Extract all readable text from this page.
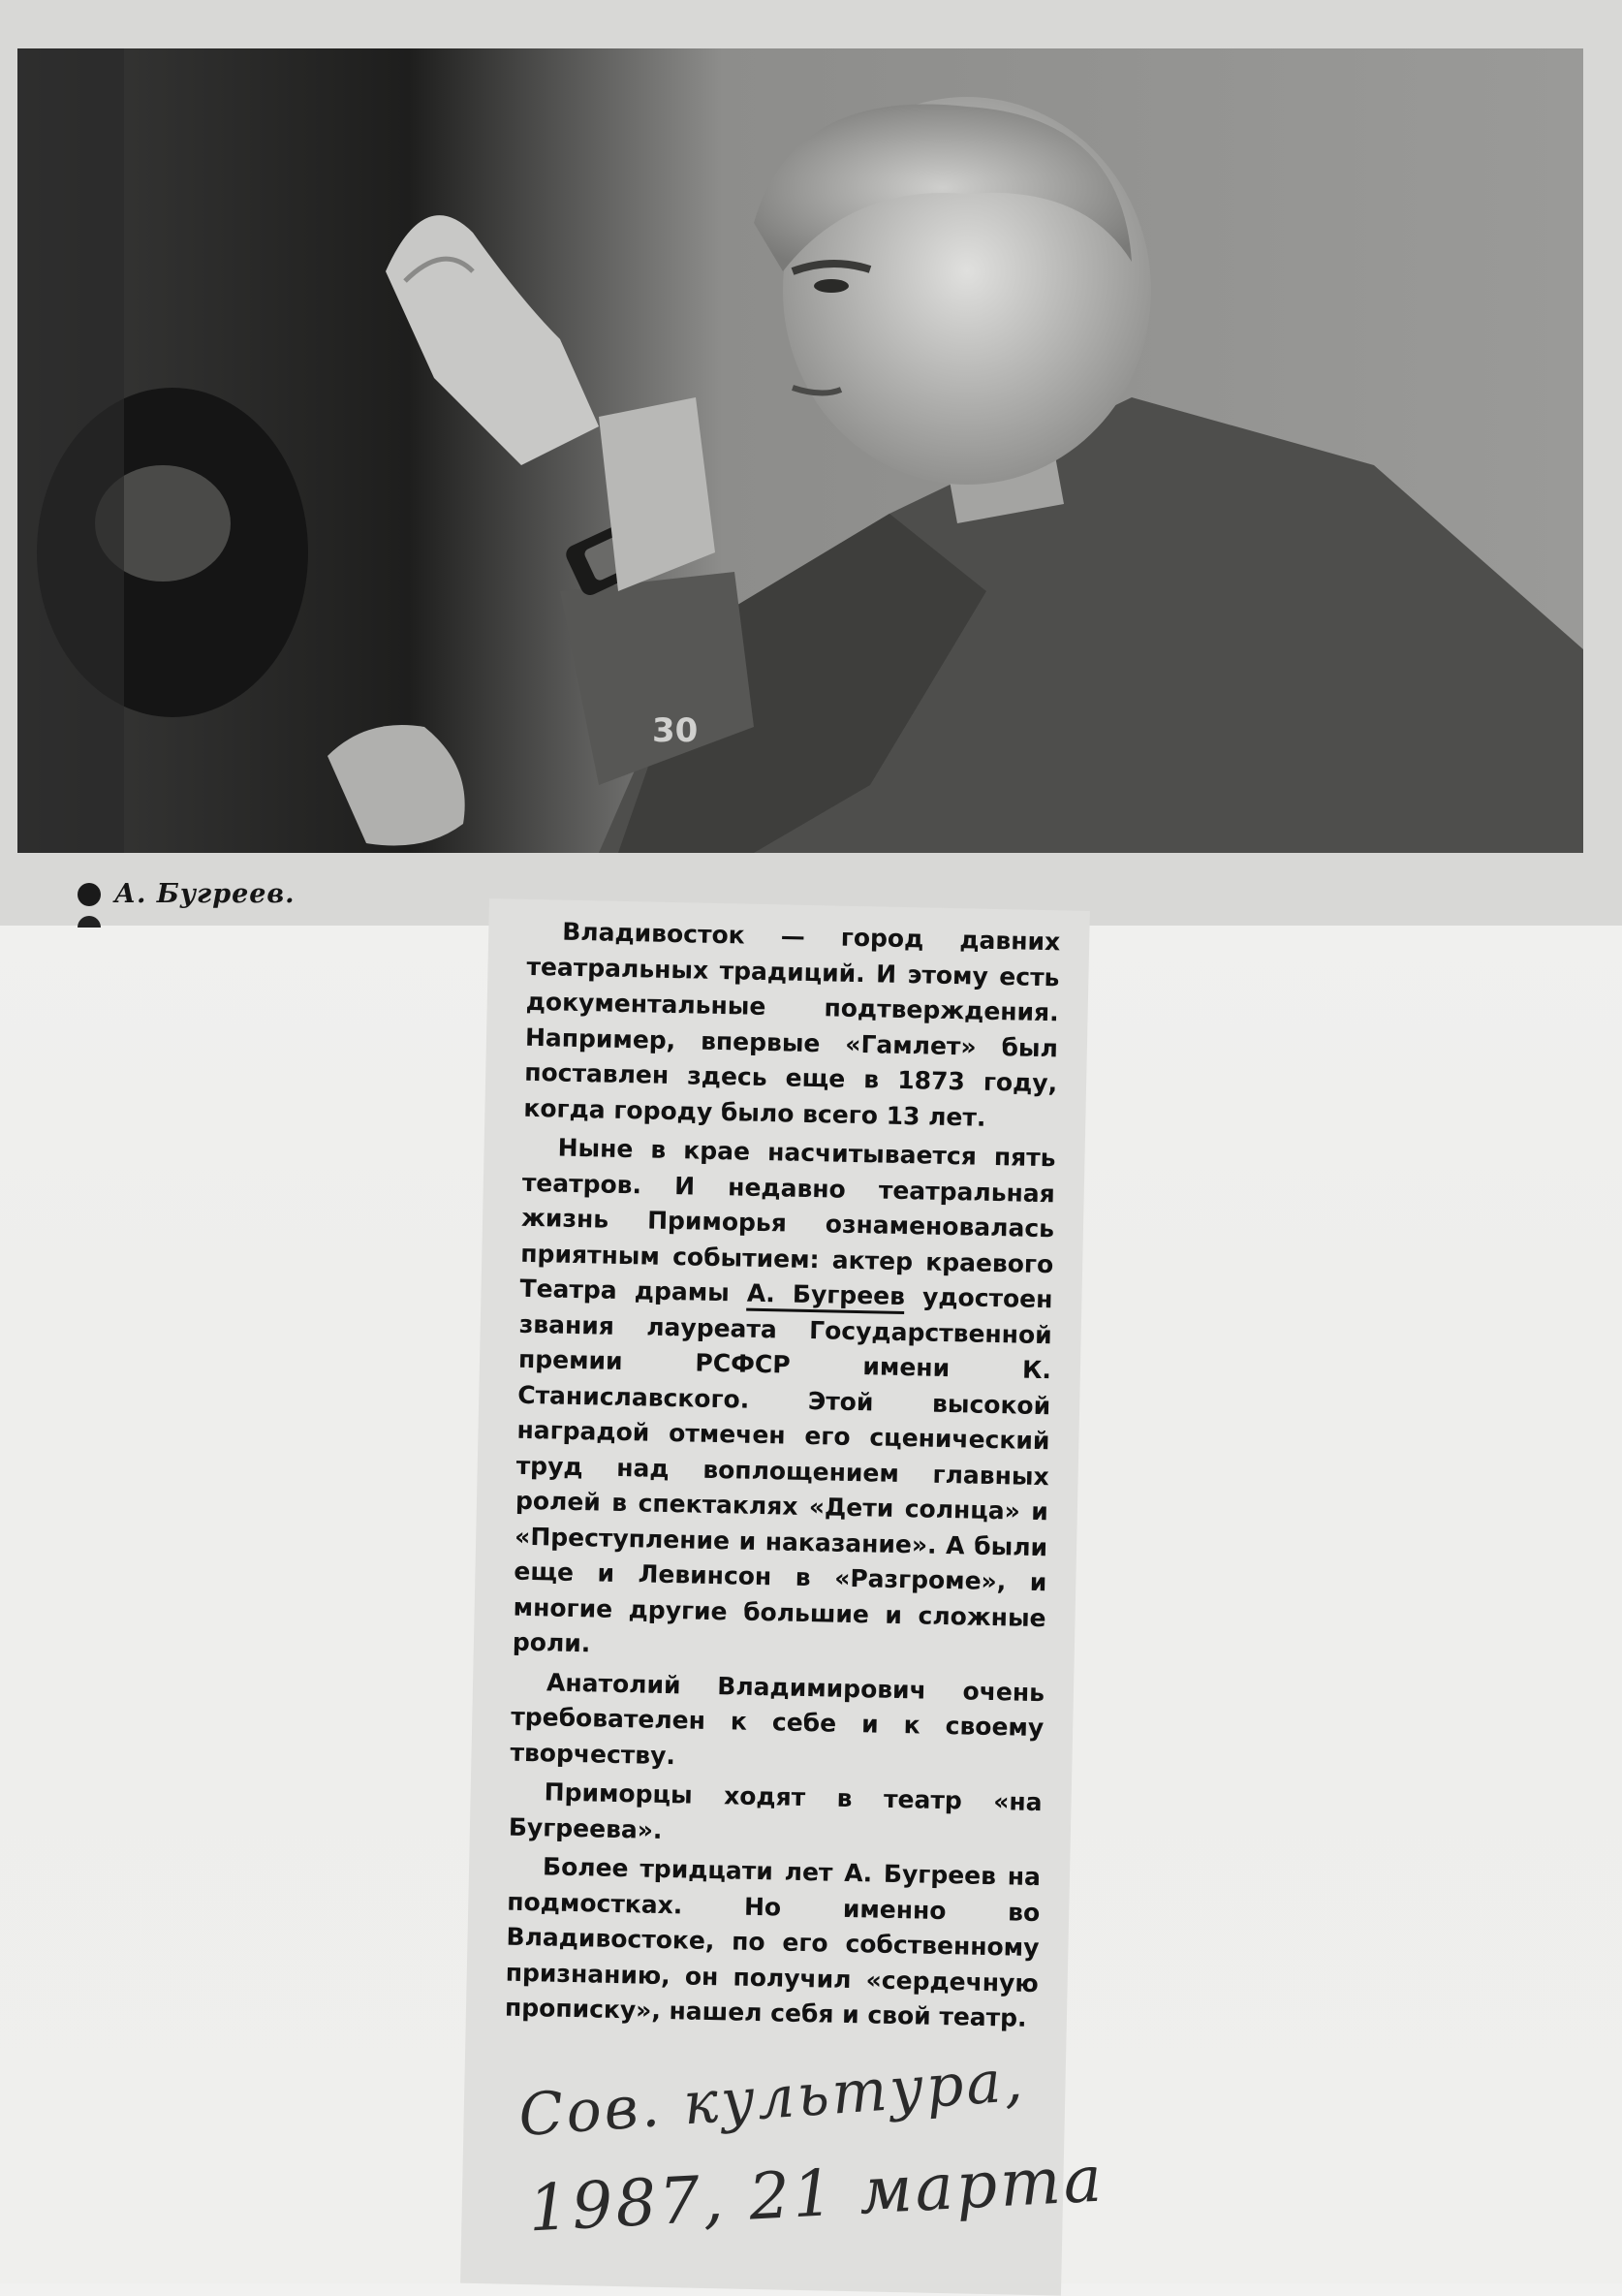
30
А. Бугреев.

Владивосток — город давних театральных традиций. И этому есть документальные подтверждения. Например, впервые «Гамлет» был поставлен здесь еще в 1873 году, когда городу было всего 13 лет.

Ныне в крае насчитывается пять театров. И недавно театральная жизнь Приморья ознаменовалась приятным событием: актер краевого Театра драмы А. Бугреев удостоен звания лауреата Государственной премии РСФСР имени К. Станиславского. Этой высокой наградой отмечен его сценический труд над воплощением главных ролей в спектаклях «Дети солнца» и «Преступление и наказание». А были еще и Левинсон в «Разгроме», и многие другие большие и сложные роли.

Анатолий Владимирович очень требователен к себе и к своему творчеству.

Приморцы ходят в театр «на Бугреева».

Более тридцати лет А. Бугреев на подмостках. Но именно во Владивостоке, по его собственному признанию, он получил «сердечную прописку», нашел себя и свой театр.

Сов. культура,
1987, 21 марта
